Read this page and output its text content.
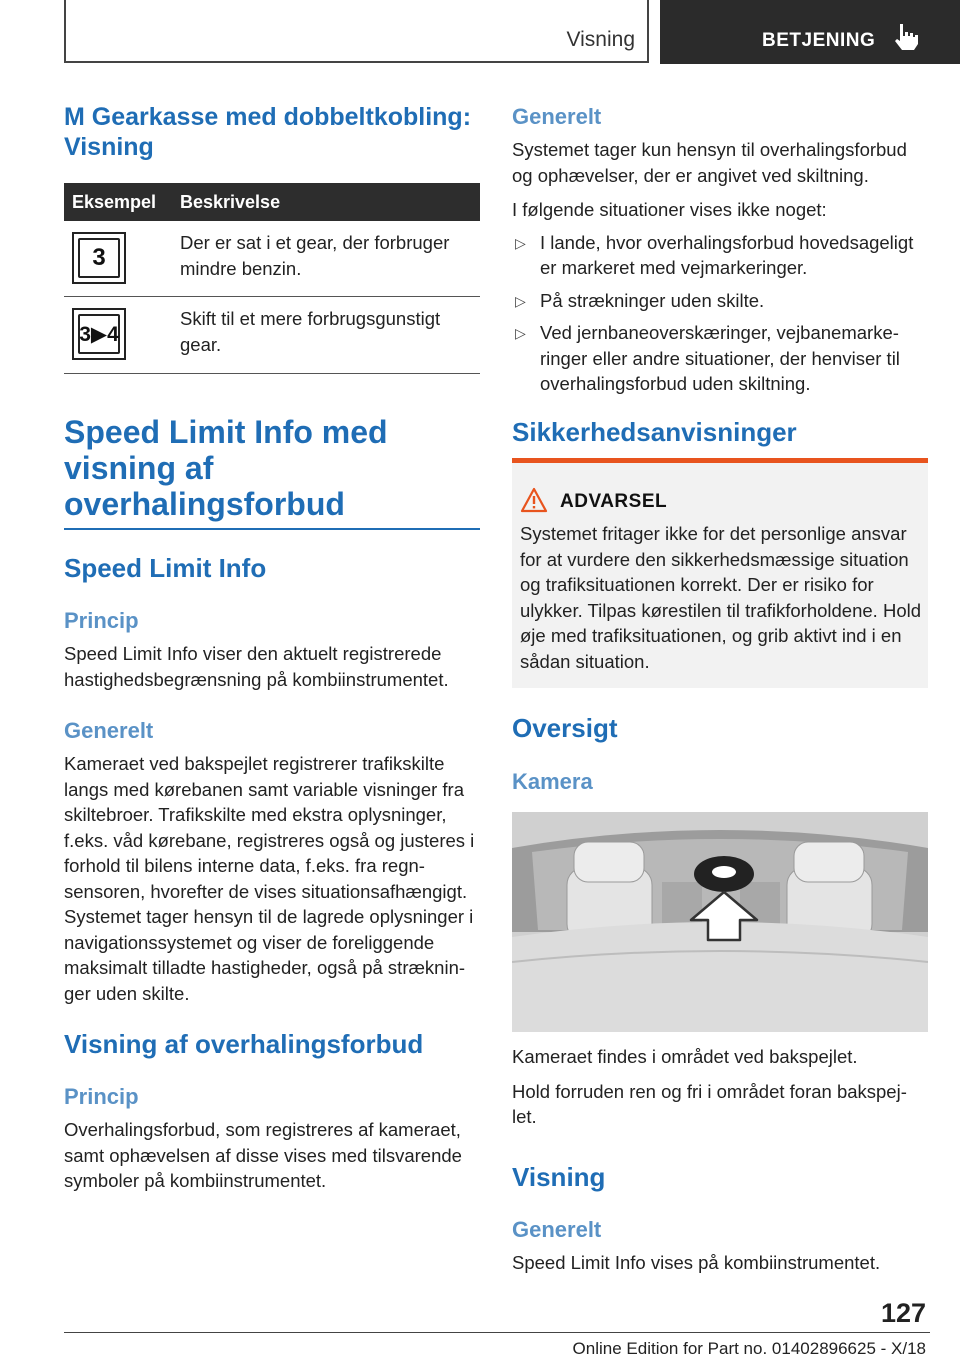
Visning	BETJENING
M Gearkasse med dobbeltkobling: Visning
Eksempel Beskrivelse
3
Der er sat i et gear, der forbruger mindre benzin.
3▶4
Skift til et mere forbrugsgunstigt gear.
Speed Limit Info med visning af overhalingsforbud
Speed Limit Info
Princip

Speed Limit Info viser den aktuelt registrerede hastighedsbegrænsning på kombiinstrumentet.

Generelt

Kameraet ved bakspejlet registrerer trafikskilte langs med kørebanen samt variable visninger fra skiltebroer. Trafikskilte med ekstra oplysninger, f.eks. våd kørebane, registreres også og justeres i forhold til bilens interne data, f.eks. fra regn-sensoren, hvorefter de vises situationsafhængigt. Systemet tager hensyn til de lagrede oplysninger i navigationssystemet og viser de foreliggende maksimalt tilladte hastigheder, også på stræknin-ger uden skilte.

Visning af overhalingsforbud
Princip

Overhalingsforbud, som registreres af kameraet, samt ophævelsen af disse vises med tilsvarende symboler på kombiinstrumentet.

Generelt

Systemet tager kun hensyn til overhalingsforbud og ophævelser, der er angivet ved skiltning.

I følgende situationer vises ikke noget:

▷ I lande, hvor overhalingsforbud hovedsageligt er markeret med vejmarkeringer.
▷ På strækninger uden skilte.
▷ Ved jernbaneoverskæringer, vejbanemarke-ringer eller andre situationer, der henviser til overhalingsforbud uden skiltning.
Sikkerhedsanvisninger
ADVARSEL
Systemet fritager ikke for det personlige ansvar for at vurdere den sikkerhedsmæssige situation og trafiksituationen korrekt. Der er risiko for ulykker. Tilpas kørestilen til trafikforholdene. Hold øje med trafiksituationen, og grib aktivt ind i en sådan situation.
Oversigt
Kamera

Kameraet findes i området ved bakspejlet.

Hold forruden ren og fri i området foran bakspej-let.

Visning
Generelt

Speed Limit Info vises på kombiinstrumentet.

127
Online Edition for Part no. 01402896625 - X/18
